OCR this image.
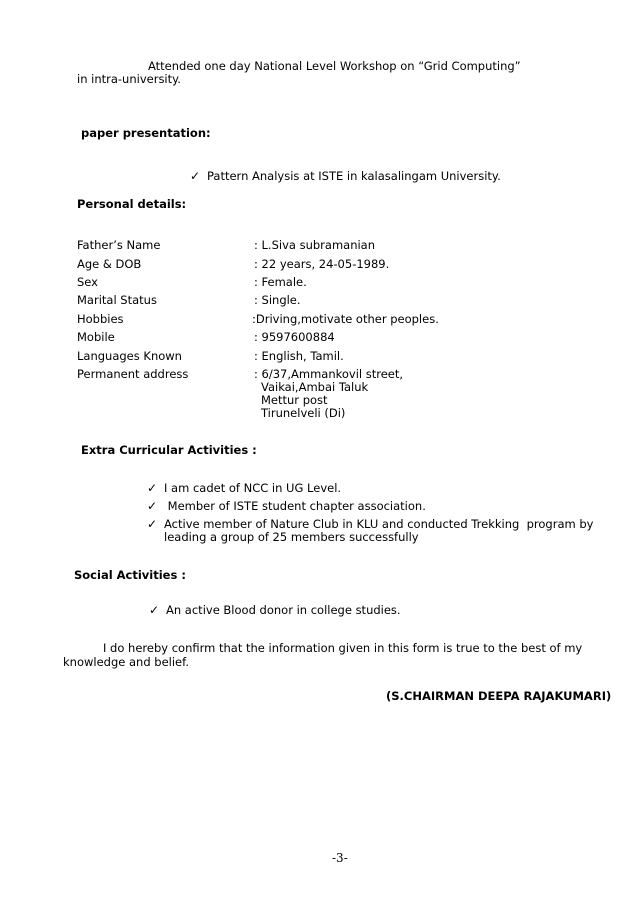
Attended one day National Level Workshop on “Grid Computing”
in intra-university.
paper presentation:
✓ Pattern Analysis at ISTE in kalasalingam University.
Personal details:
Father’s Name	: L.Siva subramanian
Age & DOB	: 22 years, 24-05-1989.
Sex	: Female.
Marital Status	: Single.
Hobbies	:Driving,motivate other peoples.
Mobile	: 9597600884
Languages Known	: English, Tamil.
Permanent address	: 6/37,Ammankovil street,
Vaikai,Ambai Taluk
Mettur post
Tirunelveli (Di)
Extra Curricular Activities :
✓ I am cadet of NCC in UG Level.
✓ Member of ISTE student chapter association.
✓ Active member of Nature Club in KLU and conducted Trekking  program by
leading a group of 25 members successfully
Social Activities :
✓ An active Blood donor in college studies.
I do hereby confirm that the information given in this form is true to the best of my
knowledge and belief.
(S.CHAIRMAN DEEPA RAJAKUMARI)
-3-
